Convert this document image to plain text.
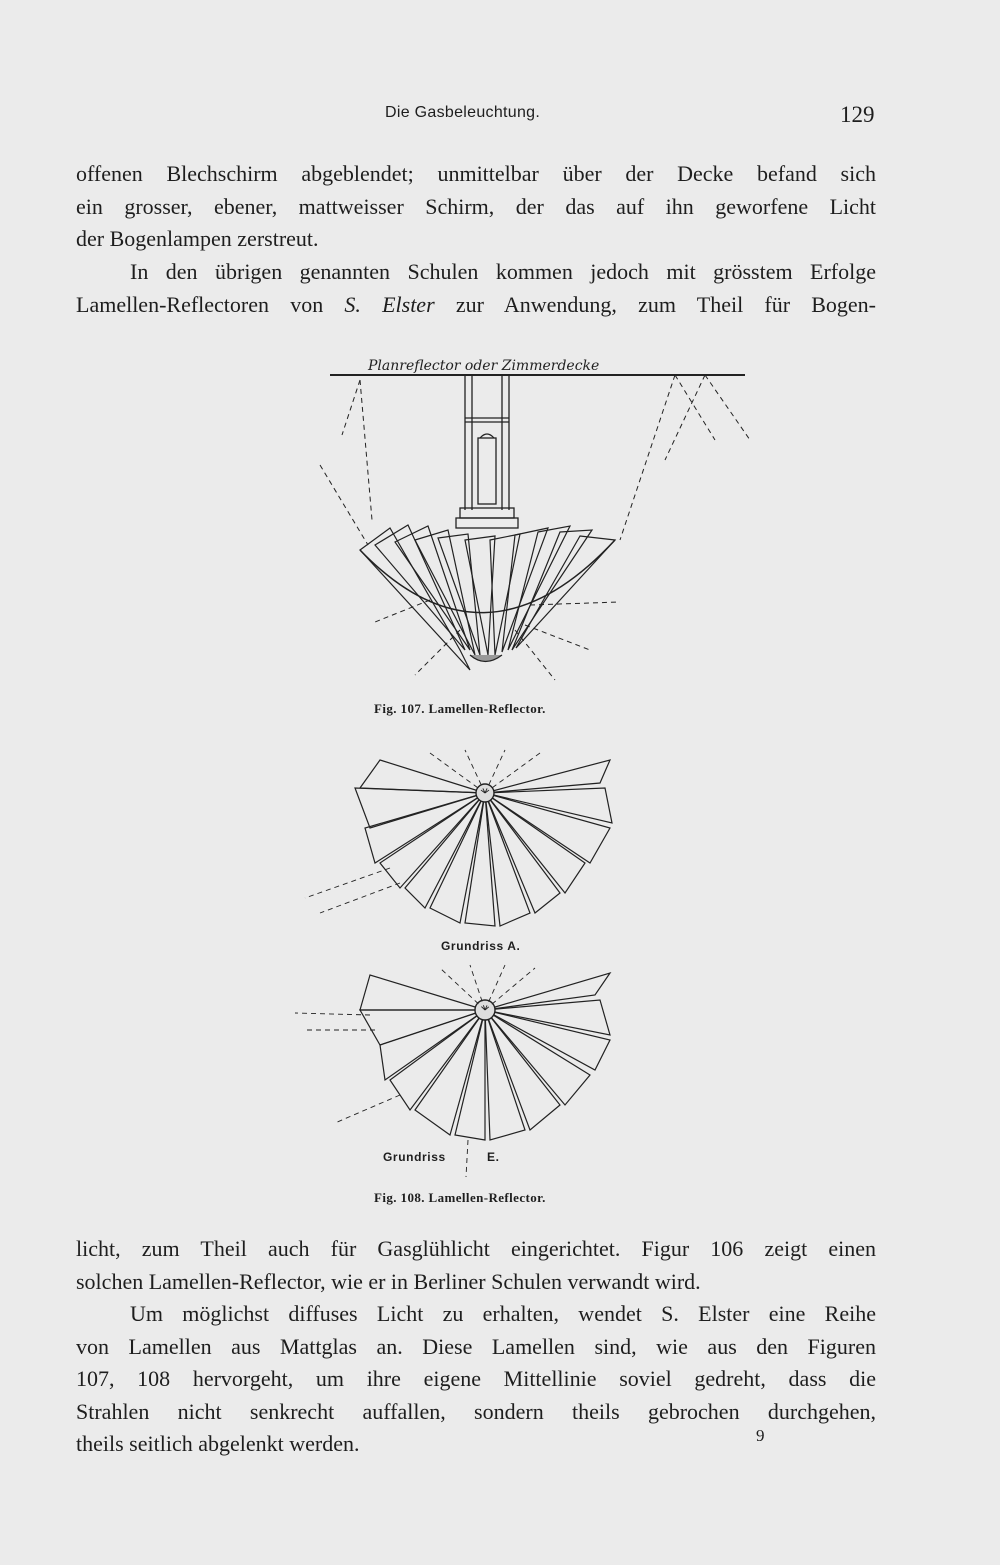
Die Gasbeleuchtung.	129

offenen Blechschirm abgeblendet; unmittelbar über der Decke befand sich
ein grosser, ebener, mattweisser Schirm, der das auf ihn geworfene Licht
der Bogenlampen zerstreut.

In den übrigen genannten Schulen kommen jedoch mit grösstem Erfolge
Lamellen-Reflectoren von S. Elster zur Anwendung, zum Theil für Bogen-

Planreflector oder Zimmerdecke
Fig. 107. Lamellen-Reflector.
Grundriss A.
Grundriss	E.
Fig. 108. Lamellen-Reflector.

licht, zum Theil auch für Gasglühlicht eingerichtet. Figur 106 zeigt einen
solchen Lamellen-Reflector, wie er in Berliner Schulen verwandt wird.

Um möglichst diffuses Licht zu erhalten, wendet S. Elster eine Reihe
von Lamellen aus Mattglas an. Diese Lamellen sind, wie aus den Figuren
107, 108 hervorgeht, um ihre eigene Mittellinie soviel gedreht, dass die
Strahlen nicht senkrecht auffallen, sondern theils gebrochen durchgehen,
theils seitlich abgelenkt werden.	9
